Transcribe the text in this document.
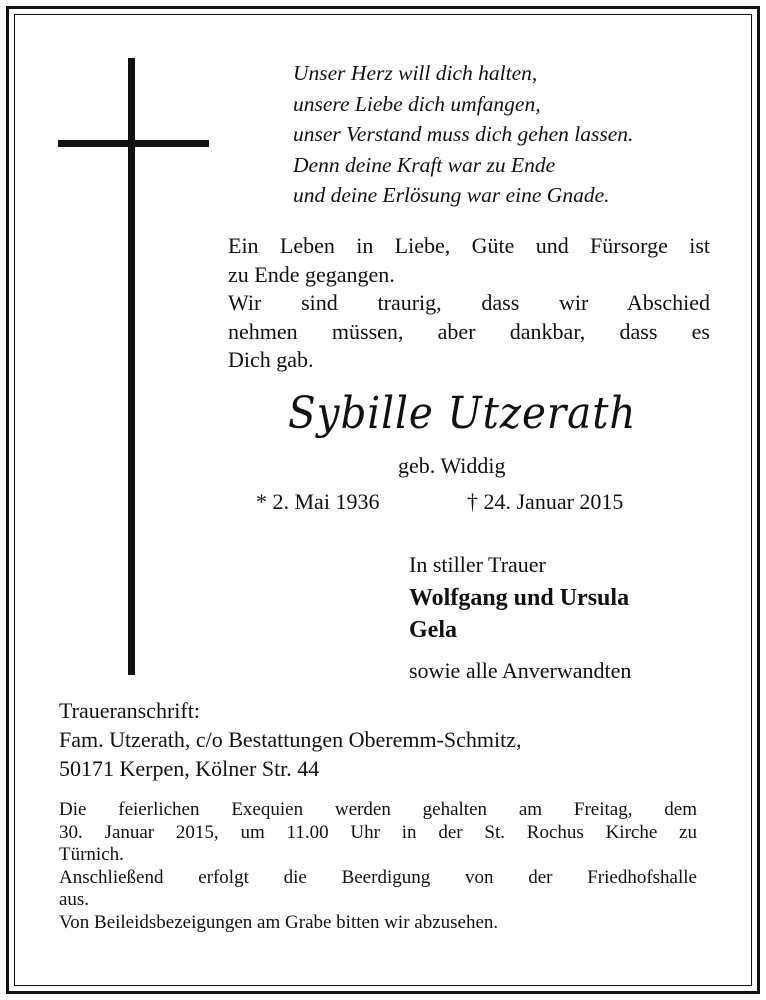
Unser Herz will dich halten,
unsere Liebe dich umfangen,
unser Verstand muss dich gehen lassen.
Denn deine Kraft war zu Ende
und deine Erlösung war eine Gnade.
Ein Leben in Liebe, Güte und Fürsorge ist
zu Ende gegangen.
Wir sind traurig, dass wir Abschied
nehmen müssen, aber dankbar, dass es
Dich gab.
Sybille Utzerath
geb. Widdig
* 2. Mai 1936	† 24. Januar 2015
In stiller Trauer
Wolfgang und Ursula
Gela
sowie alle Anverwandten
Traueranschrift:
Fam. Utzerath, c/o Bestattungen Oberemm-Schmitz,
50171 Kerpen, Kölner Str. 44
Die feierlichen Exequien werden gehalten am Freitag, dem
30. Januar 2015, um 11.00 Uhr in der St. Rochus Kirche zu
Türnich.
Anschließend erfolgt die Beerdigung von der Friedhofshalle
aus.
Von Beileidsbezeigungen am Grabe bitten wir abzusehen.
